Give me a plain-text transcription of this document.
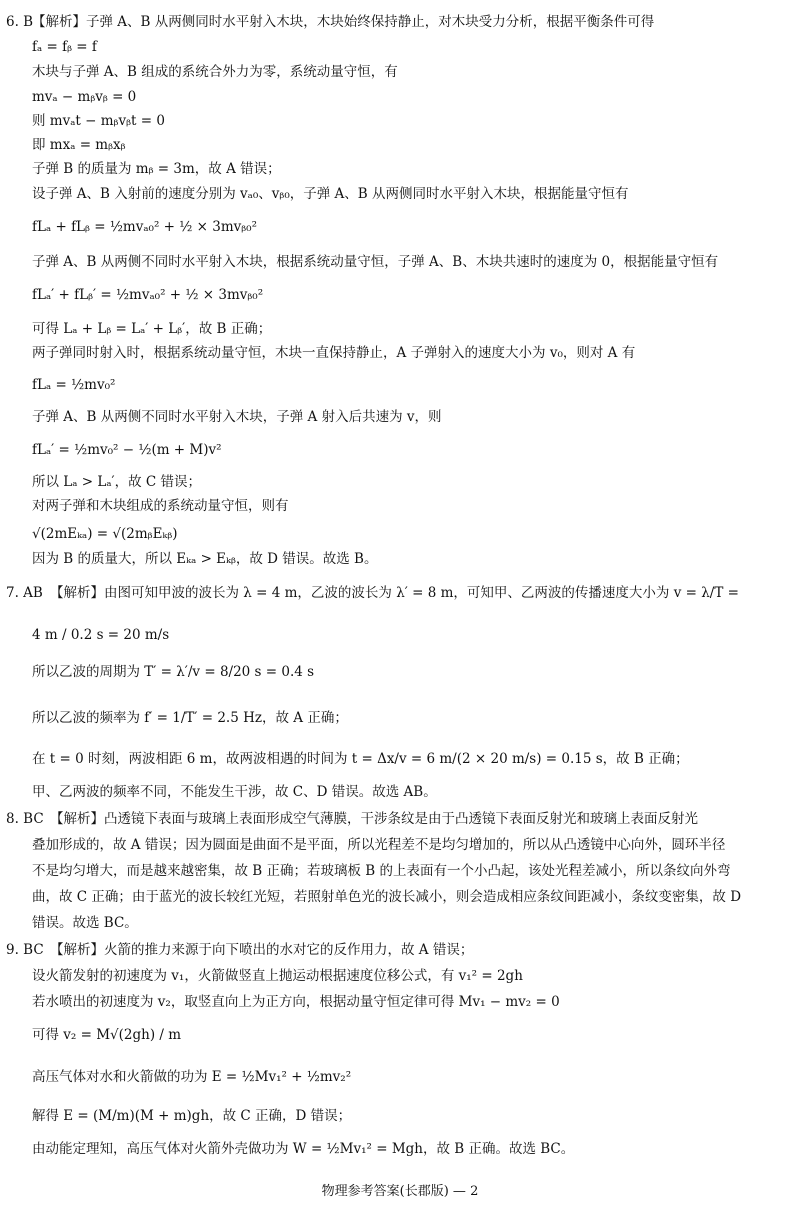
6. B
【解析】子弹 A、B 从两侧同时水平射入木块，木块始终保持静止，对木块受力分析，根据平衡条件可得
fₐ = fᵦ = f
木块与子弹 A、B 组成的系统合外力为零，系统动量守恒，有
mvₐ − mᵦvᵦ = 0
则 mvₐt − mᵦvᵦt = 0
即 mxₐ = mᵦxᵦ
子弹 B 的质量为 mᵦ = 3m，故 A 错误；
设子弹 A、B 入射前的速度分别为 vₐ₀、vᵦ₀，子弹 A、B 从两侧同时水平射入木块，根据能量守恒有
fLₐ + fLᵦ = ½mvₐ₀² + ½ × 3mvᵦ₀²
子弹 A、B 从两侧不同时水平射入木块，根据系统动量守恒，子弹 A、B、木块共速时的速度为 0，根据能量守恒有
fLₐ′ + fLᵦ′ = ½mvₐ₀² + ½ × 3mvᵦ₀²
可得 Lₐ + Lᵦ = Lₐ′ + Lᵦ′，故 B 正确；
两子弹同时射入时，根据系统动量守恒，木块一直保持静止，A 子弹射入的速度大小为 v₀，则对 A 有
fLₐ = ½mv₀²
子弹 A、B 从两侧不同时水平射入木块，子弹 A 射入后共速为 v，则
fLₐ′ = ½mv₀² − ½(m + M)v²
所以 Lₐ > Lₐ′，故 C 错误；
对两子弹和木块组成的系统动量守恒，则有
√(2mEₖₐ) = √(2mᵦEₖᵦ)
因为 B 的质量大，所以 Eₖₐ > Eₖᵦ，故 D 错误。故选 B。
7. AB 【解析】由图可知甲波的波长为 λ = 4 m，乙波的波长为 λ′ = 8 m，可知甲、乙两波的传播速度大小为 v = λ/T =
4 m / 0.2 s = 20 m/s
所以乙波的周期为 T′ = λ′/v = 8/20 s = 0.4 s
所以乙波的频率为 f′ = 1/T′ = 2.5 Hz，故 A 正确；
在 t = 0 时刻，两波相距 6 m，故两波相遇的时间为 t = Δx/v = 6 m/(2 × 20 m/s) = 0.15 s，故 B 正确；
甲、乙两波的频率不同，不能发生干涉，故 C、D 错误。故选 AB。
8. BC 【解析】凸透镜下表面与玻璃上表面形成空气薄膜，干涉条纹是由于凸透镜下表面反射光和玻璃上表面反射光
叠加形成的，故 A 错误；因为圆面是曲面不是平面，所以光程差不是均匀增加的，所以从凸透镜中心向外，圆环半径
不是均匀增大，而是越来越密集，故 B 正确；若玻璃板 B 的上表面有一个小凸起，该处光程差减小，所以条纹向外弯
曲，故 C 正确；由于蓝光的波长较红光短，若照射单色光的波长减小，则会造成相应条纹间距减小，条纹变密集，故 D
错误。故选 BC。
9. BC 【解析】火箭的推力来源于向下喷出的水对它的反作用力，故 A 错误；
设火箭发射的初速度为 v₁，火箭做竖直上抛运动根据速度位移公式，有 v₁² = 2gh
若水喷出的初速度为 v₂，取竖直向上为正方向，根据动量守恒定律可得 Mv₁ − mv₂ = 0
可得 v₂ = M√(2gh) / m
高压气体对水和火箭做的功为 E = ½Mv₁² + ½mv₂²
解得 E = (M/m)(M + m)gh，故 C 正确，D 错误；
由动能定理知，高压气体对火箭外壳做功为 W = ½Mv₁² = Mgh，故 B 正确。故选 BC。
物理参考答案(长郡版) — 2
